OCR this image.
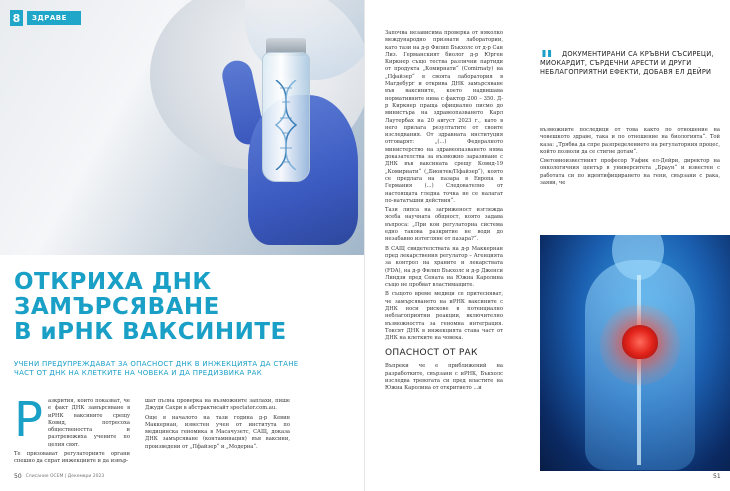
8	ЗДРАВЕ
ОТКРИХА ДНК
ЗАМЪРСЯВАНЕ
В иРНК ВАКСИНИТЕ
УЧЕНИ ПРЕДУПРЕЖДАВАТ ЗА ОПАСНОСТ ДНК В ИНЖЕКЦИЯТА ДА СТАНЕ ЧАСТ ОТ ДНК НА КЛЕТКИТЕ НА ЧОВЕКА И ДА ПРЕДИЗВИКА РАК
Р азкрития, които показват, че е факт ДНК замърсяване в иРНК ваксините срещу Ковид, потресоха обществеността и разтревожиха учените по целия свят.

Те призовават регулаторните органи спешно да спрат инжекциите и да извър-

шат пълна проверка на възможните заплахи, пише Джуди Сахри в абстрактнсайт spectator.com.au.

Още в началото на тази година д-р Кевин Маккернан, известен учен от института по медицинска геномика в Масачузетс, САЩ, доказа ДНК замърсяване (контаминация) във ваксини, произведени от „Пфайзер“ и „Модерна“.

50 Списание ОСЕМ | Декември 2023

Започва независима проверка от няколко международно признати лаборатории, като тази на д-р Филип Бъкхолс от д-р Сан Лиз. Германският биолог д-р Юрген Киркнер също тества различни партиди от продукта „Комирнати“ (Comirnaty) на „Пфайзер“ в своята лаборатория в Магдебург и откривa ДНК замърсяване във ваксините, което надвишава нормативните нива с фактор 200 – 350. Д-р Киркнер праща официално писмо до министъра на здравеопазването Карл Лаутербах на 20 август 2023 г., като в него прилага резултатите от своите изследвания. От здравната институция отговарят: „(...) Федералното министерство на здравеопазването няма доказателства за възможно заразяване с ДНК във ваксината срещу Ковид-19 „Комирнати“ („Бионтек/Пфайзер“), която се предлага на пазара в Европа и Германия (...) Следователно от настоящата гледна точка не се налагат по-нататъшни действия“.

Тази липса на загриженост изглежда ясеба научната общност, която задава въпроса: „При кои регулаторна система едно такова разкритие не води до незабавно изтегляне от пазара?“.

В САЩ свидетелствата на д-р Маккернан пред лекарствения регулатор – Агенцията за контрол на храните и лекарствата (FDA), на д-р Филип Бъкхолс и д-р Дженси Линдзи пред Сената на Южна Каролина също не пробват властимащите.

В същото време медици се притесняват, че замърсяването на иРНК ваксините с ДНК носи рискове в потенциално неблагоприятни реакции, включително възможността за геномна интеграция. Токсят ДНК в инжекцията ставa част от ДНК на клетките на човека.

ОПАСНОСТ ОТ РАК

Въпреки че е приближений на разработките, свързани с иРНК, Бъкхолс изследва тревогата си пред властите на Южна Каролина от откритието ...и

"	ДОКУМЕНТИРАНИ СА КРЪВНИ СЪСИРЕЦИ, МИОКАРДИТ, СЪРДЕЧНИ АРЕСТИ И ДРУГИ НЕБЛАГОПРИЯТНИ ЕФЕКТИ, ДОБАВЯ ЕЛ ДЕЙРИ

възможните последици от това както по отношение на човешкото здраве, така и по отношение на биологията“. Той каза: „Трябва да спре разпределението на регулаторния процес, който позволи да се стигне дотам“.

Световноизвестният професор Уафик ел-Дейри, директор на онкологичния център в университета „Браун“ и известен с работата си по идентифицирането на гени, свързани с рака, заяви, че

51
